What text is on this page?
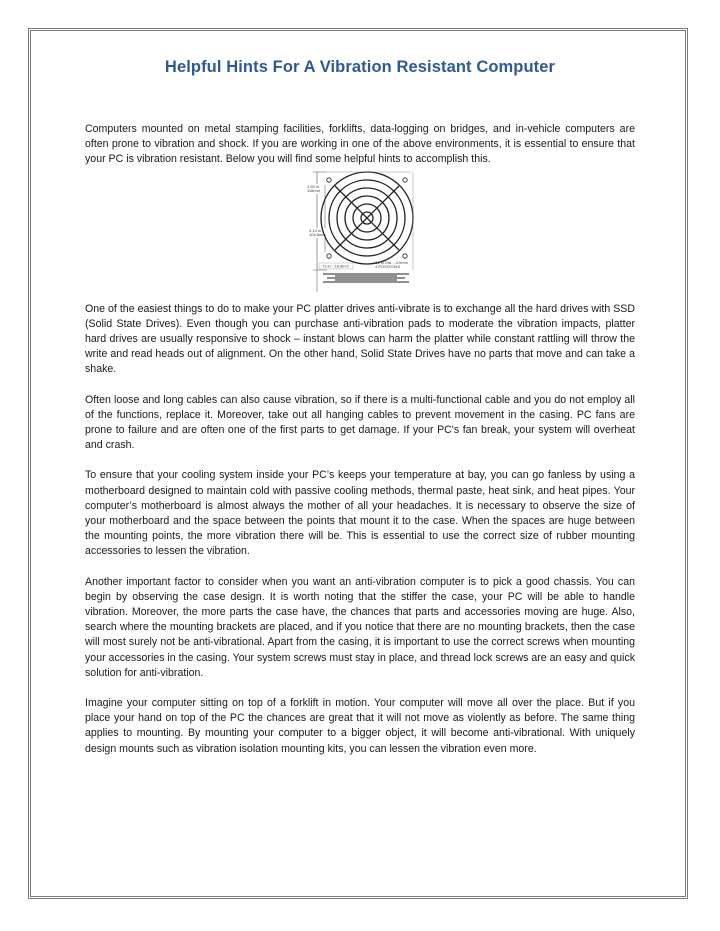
Helpful Hints For A Vibration Resistant Computer

Computers mounted on metal stamping facilities, forklifts, data-logging on bridges, and in-vehicle computers are often prone to vibration and shock. If you are working in one of the above environments, it is essential to ensure that your PC is vibration resistant. Below you will find some helpful hints to accomplish this.

4.59 in
116mm
4.13 in
104.8mm
.73 in - 18.8mm
161 in Dia. - 4.0mm
4 POSITIONS

One of the easiest things to do to make your PC platter drives anti-vibrate is to exchange all the hard drives with SSD (Solid State Drives). Even though you can purchase anti-vibration pads to moderate the vibration impacts, platter hard drives are usually responsive to shock – instant blows can harm the platter while constant rattling will throw the write and read heads out of alignment. On the other hand, Solid State Drives have no parts that move and can take a shake.

Often loose and long cables can also cause vibration, so if there is a multi-functional cable and you do not employ all of the functions, replace it. Moreover, take out all hanging cables to prevent movement in the casing. PC fans are prone to failure and are often one of the first parts to get damage. If your PC's fan break, your system will overheat and crash.

To ensure that your cooling system inside your PC’s keeps your temperature at bay, you can go fanless by using a motherboard designed to maintain cold with passive cooling methods, thermal paste, heat sink, and heat pipes. Your computer’s motherboard is almost always the mother of all your headaches. It is necessary to observe the size of your motherboard and the space between the points that mount it to the case. When the spaces are huge between the mounting points, the more vibration there will be. This is essential to use the correct size of rubber mounting accessories to lessen the vibration.

Another important factor to consider when you want an anti-vibration computer is to pick a good chassis. You can begin by observing the case design. It is worth noting that the stiffer the case, your PC will be able to handle vibration. Moreover, the more parts the case have, the chances that parts and accessories moving are huge. Also, search where the mounting brackets are placed, and if you notice that there are no mounting brackets, then the case will most surely not be anti-vibrational. Apart from the casing, it is important to use the correct screws when mounting your accessories in the casing. Your system screws must stay in place, and thread lock screws are an easy and quick solution for anti-vibration.

Imagine your computer sitting on top of a forklift in motion. Your computer will move all over the place. But if you place your hand on top of the PC the chances are great that it will not move as violently as before. The same thing applies to mounting. By mounting your computer to a bigger object, it will become anti-vibrational. With uniquely design mounts such as vibration isolation mounting kits, you can lessen the vibration even more.
